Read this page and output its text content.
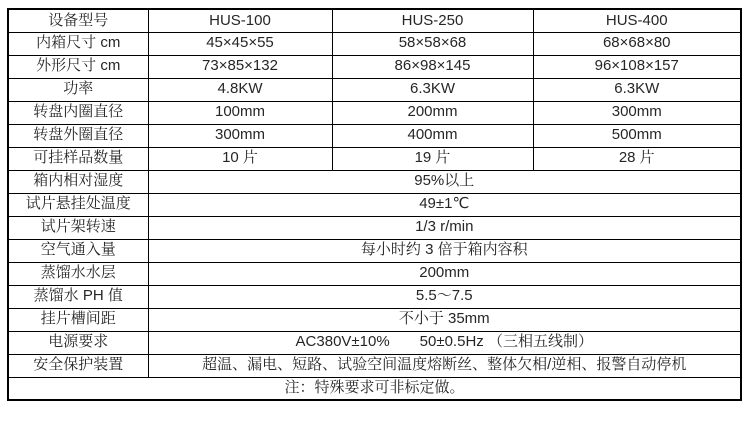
设备型号	HUS-100	HUS-250	HUS-400
内箱尺寸 cm	45×45×55	58×58×68	68×68×80
外形尺寸 cm	73×85×132	86×98×145	96×108×157
功率	4.8KW	6.3KW	6.3KW
转盘内圈直径	100mm	200mm	300mm
转盘外圈直径	300mm	400mm	500mm
可挂样品数量	10 片	19 片	28 片
箱内相对湿度	95%以上		
试片悬挂处温度	49±1℃		
试片架转速	1/3 r/min		
空气通入量	每小时约 3 倍于箱内容积		
蒸馏水水层	200mm		
蒸馏水 PH 值	5.5～7.5		
挂片槽间距	不小于 35mm		
电源要求	AC380V±10%　　50±0.5Hz （三相五线制）		
安全保护装置	超温、漏电、短路、试验空间温度熔断丝、整体欠相/逆相、报警自动停机		
注：特殊要求可非标定做。			
